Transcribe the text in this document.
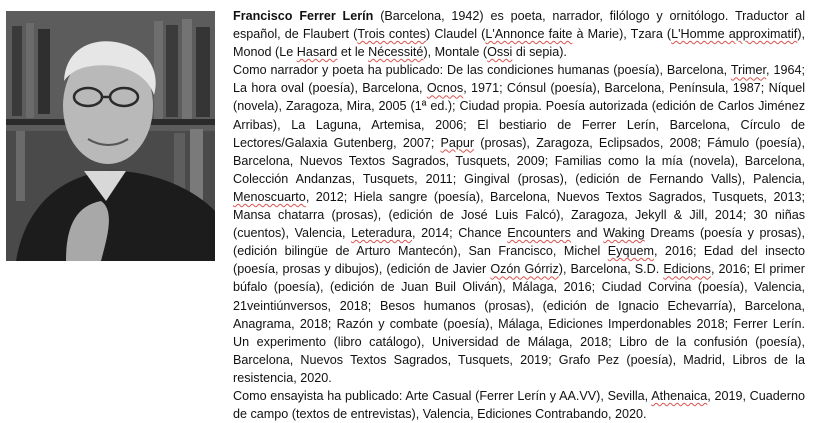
Francisco Ferrer Lerín (Barcelona, 1942) es poeta, narrador, filólogo y ornitólogo. Traductor al español, de Flaubert (Trois contes) Claudel (L'Annonce faite à Marie), Tzara (L'Homme approximatif), Monod (Le Hasard et le Nécessité), Montale (Ossi di sepia).

Como narrador y poeta ha publicado: De las condiciones humanas (poesía), Barcelona, Trimer, 1964; La hora oval (poesía), Barcelona, Ocnos, 1971; Cónsul (poesía), Barcelona, Península, 1987; Níquel (novela), Zaragoza, Mira, 2005 (1ª ed.); Ciudad propia. Poesía autorizada (edición de Carlos Jiménez Arribas), La Laguna, Artemisa, 2006; El bestiario de Ferrer Lerín, Barcelona, Círculo de Lectores/Galaxia Gutenberg, 2007; Papur (prosas), Zaragoza, Eclipsados, 2008; Fámulo (poesía), Barcelona, Nuevos Textos Sagrados, Tusquets, 2009; Familias como la mía (novela), Barcelona, Colección Andanzas, Tusquets, 2011; Gingival (prosas), (edición de Fernando Valls), Palencia, Menoscuarto, 2012; Hiela sangre (poesía), Barcelona, Nuevos Textos Sagrados, Tusquets, 2013; Mansa chatarra (prosas), (edición de José Luis Falcó), Zaragoza, Jekyll & Jill, 2014; 30 niñas (cuentos), Valencia, Leteradura, 2014; Chance Encounters and Waking Dreams (poesía y prosas), (edición bilingüe de Arturo Mantecón), San Francisco, Michel Eyquem, 2016; Edad del insecto (poesía, prosas y dibujos), (edición de Javier Ozón Górriz), Barcelona, S.D. Edicions, 2016; El primer búfalo (poesía), (edición de Juan Buil Oliván), Málaga, 2016; Ciudad Corvina (poesía), Valencia, 21veintiúnversos, 2018; Besos humanos (prosas), (edición de Ignacio Echevarría), Barcelona, Anagrama, 2018; Razón y combate (poesía), Málaga, Ediciones Imperdonables 2018; Ferrer Lerín. Un experimento (libro catálogo), Universidad de Málaga, 2018; Libro de la confusión (poesía), Barcelona, Nuevos Textos Sagrados, Tusquets, 2019; Grafo Pez (poesía), Madrid, Libros de la resistencia, 2020.

Como ensayista ha publicado: Arte Casual (Ferrer Lerín y AA.VV), Sevilla, Athenaica, 2019, Cuaderno de campo (textos de entrevistas), Valencia, Ediciones Contrabando, 2020.
